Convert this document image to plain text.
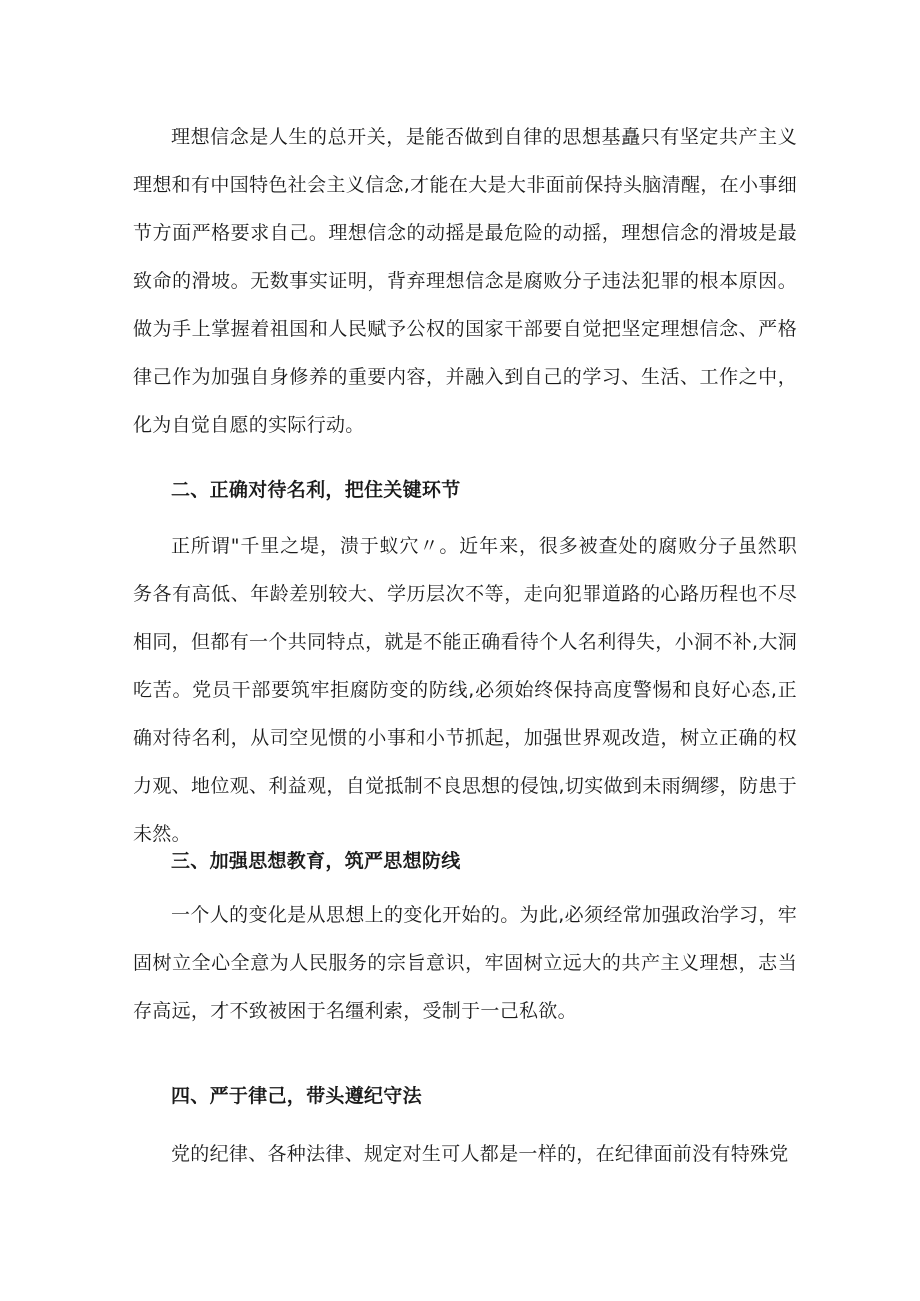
理想信念是人生的总开关，是能否做到自律的思想基矗只有坚定共产主义理想和有中国特色社会主义信念,才能在大是大非面前保持头脑清醒，在小事细节方面严格要求自己。理想信念的动摇是最危险的动摇，理想信念的滑坡是最致命的滑坡。无数事实证明，背弃理想信念是腐败分子违法犯罪的根本原因。做为手上掌握着祖国和人民赋予公权的国家干部要自觉把坚定理想信念、严格律己作为加强自身修养的重要内容，并融入到自己的学习、生活、工作之中，化为自觉自愿的实际行动。

二、正确对待名利，把住关键环节

正所谓"千里之堤，溃于蚁穴〃。近年来，很多被查处的腐败分子虽然职务各有高低、年龄差别较大、学历层次不等，走向犯罪道路的心路历程也不尽相同，但都有一个共同特点，就是不能正确看待个人名利得失，小洞不补,大洞吃苦。党员干部要筑牢拒腐防变的防线,必须始终保持高度警惕和良好心态,正确对待名利，从司空见惯的小事和小节抓起，加强世界观改造，树立正确的权力观、地位观、利益观，自觉抵制不良思想的侵蚀,切实做到未雨绸缪，防患于未然。

三、加强思想教育，筑严思想防线

一个人的变化是从思想上的变化开始的。为此,必须经常加强政治学习，牢固树立全心全意为人民服务的宗旨意识，牢固树立远大的共产主义理想，志当存高远，才不致被困于名缰利索，受制于一己私欲。

四、严于律己，带头遵纪守法

党的纪律、各种法律、规定对生可人都是一样的，在纪律面前没有特殊党
